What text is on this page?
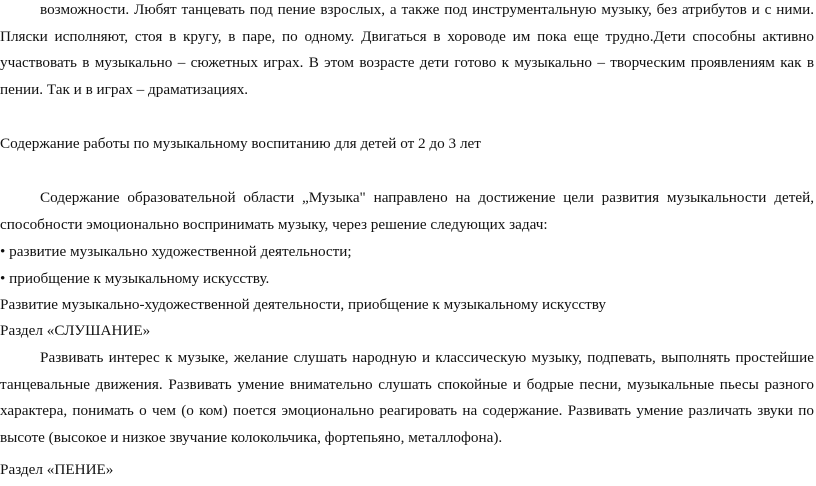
возможности. Любят танцевать под пение взрослых, а также под инструментальную музыку, без атрибутов и с ними. Пляски исполняют, стоя в кругу, в паре, по одному. Двигаться в хороводе им пока еще трудно.Дети способны активно участвовать в музыкально – сюжетных играх. В этом возрасте дети готово к музыкально – творческим проявлениям как в пении. Так и в играх – драматизациях.

Содержание работы по музыкальному воспитанию для детей от 2 до 3 лет

Содержание образовательной области „Музыка" направлено на достижение цели развития музыкальности детей, способности эмоционально воспринимать музыку, через решение следующих задач:

• развитие музыкально художественной деятельности;

• приобщение к музыкальному искусству.

Развитие музыкально-художественной деятельности, приобщение к музыкальному искусству

Раздел «СЛУШАНИЕ»

Развивать интерес к музыке, желание слушать народную и классическую музыку, подпевать, выполнять простейшие танцевальные движения. Развивать умение внимательно слушать спокойные и бодрые песни, музыкальные пьесы разного характера, понимать о чем (о ком) поется эмоционально реагировать на содержание. Развивать умение различать звуки по высоте (высокое и низкое звучание колокольчика, фортепьяно, металлофона).

Раздел «ПЕНИЕ»
